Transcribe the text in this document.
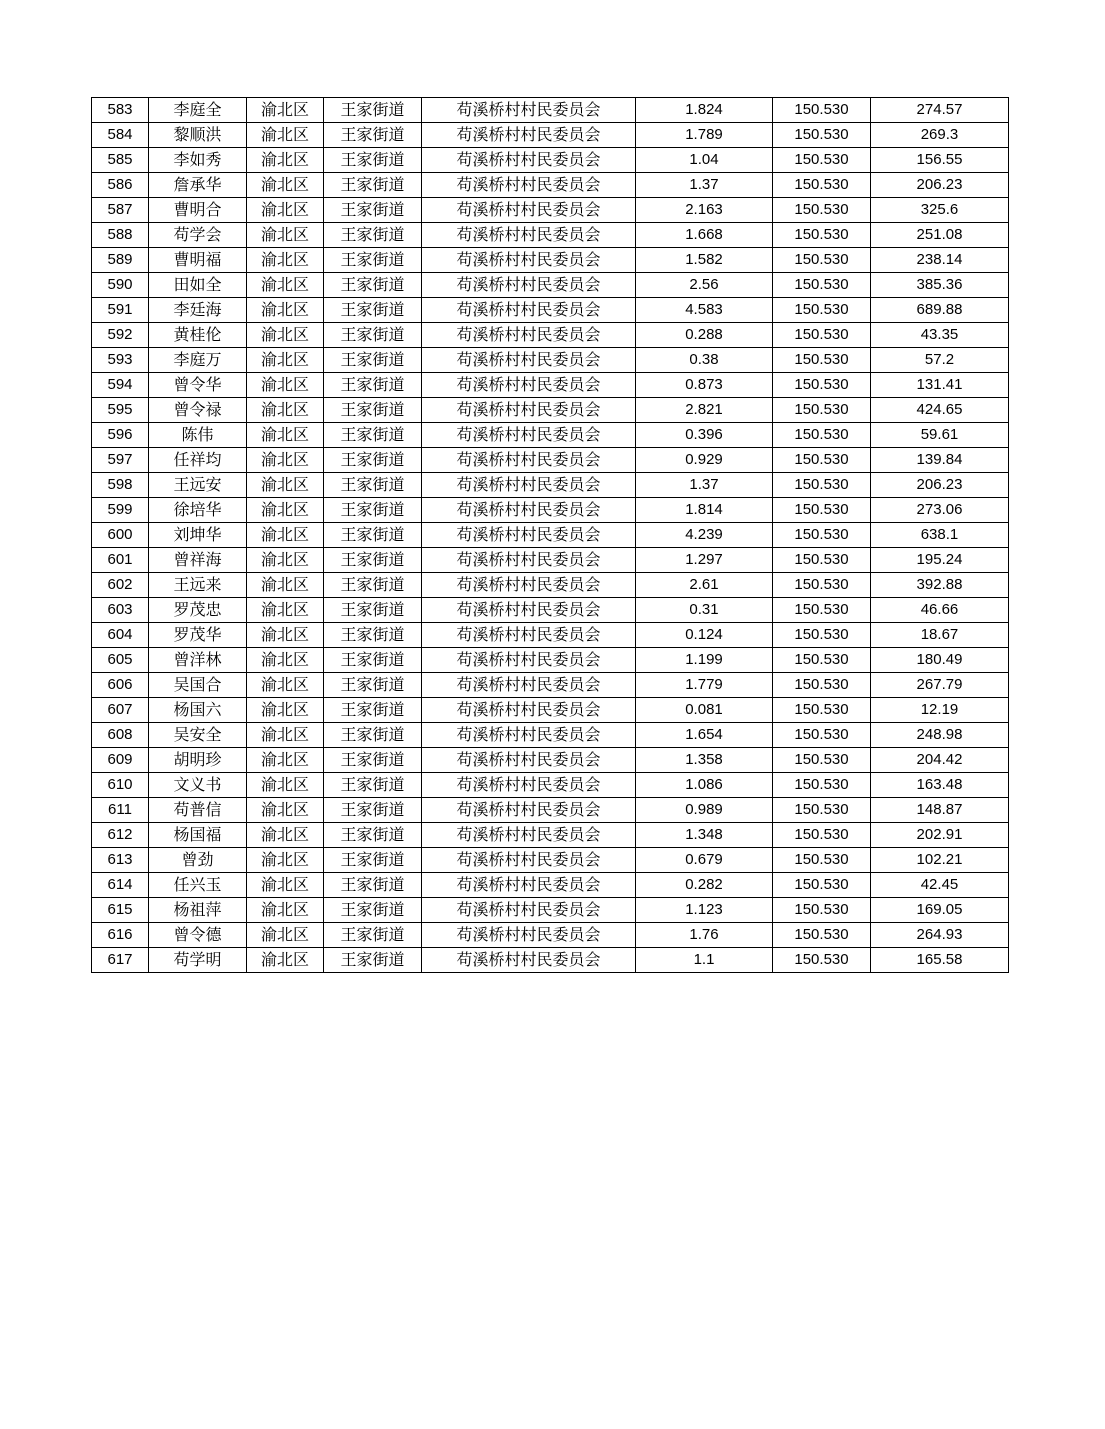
583	李庭全	渝北区	王家街道	苟溪桥村村民委员会	1.824	150.530	274.57
584	黎顺洪	渝北区	王家街道	苟溪桥村村民委员会	1.789	150.530	269.3
585	李如秀	渝北区	王家街道	苟溪桥村村民委员会	1.04	150.530	156.55
586	詹承华	渝北区	王家街道	苟溪桥村村民委员会	1.37	150.530	206.23
587	曹明合	渝北区	王家街道	苟溪桥村村民委员会	2.163	150.530	325.6
588	苟学会	渝北区	王家街道	苟溪桥村村民委员会	1.668	150.530	251.08
589	曹明福	渝北区	王家街道	苟溪桥村村民委员会	1.582	150.530	238.14
590	田如全	渝北区	王家街道	苟溪桥村村民委员会	2.56	150.530	385.36
591	李廷海	渝北区	王家街道	苟溪桥村村民委员会	4.583	150.530	689.88
592	黄桂伦	渝北区	王家街道	苟溪桥村村民委员会	0.288	150.530	43.35
593	李庭万	渝北区	王家街道	苟溪桥村村民委员会	0.38	150.530	57.2
594	曾令华	渝北区	王家街道	苟溪桥村村民委员会	0.873	150.530	131.41
595	曾令禄	渝北区	王家街道	苟溪桥村村民委员会	2.821	150.530	424.65
596	陈伟	渝北区	王家街道	苟溪桥村村民委员会	0.396	150.530	59.61
597	任祥均	渝北区	王家街道	苟溪桥村村民委员会	0.929	150.530	139.84
598	王远安	渝北区	王家街道	苟溪桥村村民委员会	1.37	150.530	206.23
599	徐培华	渝北区	王家街道	苟溪桥村村民委员会	1.814	150.530	273.06
600	刘坤华	渝北区	王家街道	苟溪桥村村民委员会	4.239	150.530	638.1
601	曾祥海	渝北区	王家街道	苟溪桥村村民委员会	1.297	150.530	195.24
602	王远来	渝北区	王家街道	苟溪桥村村民委员会	2.61	150.530	392.88
603	罗茂忠	渝北区	王家街道	苟溪桥村村民委员会	0.31	150.530	46.66
604	罗茂华	渝北区	王家街道	苟溪桥村村民委员会	0.124	150.530	18.67
605	曾洋林	渝北区	王家街道	苟溪桥村村民委员会	1.199	150.530	180.49
606	吴国合	渝北区	王家街道	苟溪桥村村民委员会	1.779	150.530	267.79
607	杨国六	渝北区	王家街道	苟溪桥村村民委员会	0.081	150.530	12.19
608	吴安全	渝北区	王家街道	苟溪桥村村民委员会	1.654	150.530	248.98
609	胡明珍	渝北区	王家街道	苟溪桥村村民委员会	1.358	150.530	204.42
610	文义书	渝北区	王家街道	苟溪桥村村民委员会	1.086	150.530	163.48
611	苟普信	渝北区	王家街道	苟溪桥村村民委员会	0.989	150.530	148.87
612	杨国福	渝北区	王家街道	苟溪桥村村民委员会	1.348	150.530	202.91
613	曾劲	渝北区	王家街道	苟溪桥村村民委员会	0.679	150.530	102.21
614	任兴玉	渝北区	王家街道	苟溪桥村村民委员会	0.282	150.530	42.45
615	杨祖萍	渝北区	王家街道	苟溪桥村村民委员会	1.123	150.530	169.05
616	曾令德	渝北区	王家街道	苟溪桥村村民委员会	1.76	150.530	264.93
617	苟学明	渝北区	王家街道	苟溪桥村村民委员会	1.1	150.530	165.58
